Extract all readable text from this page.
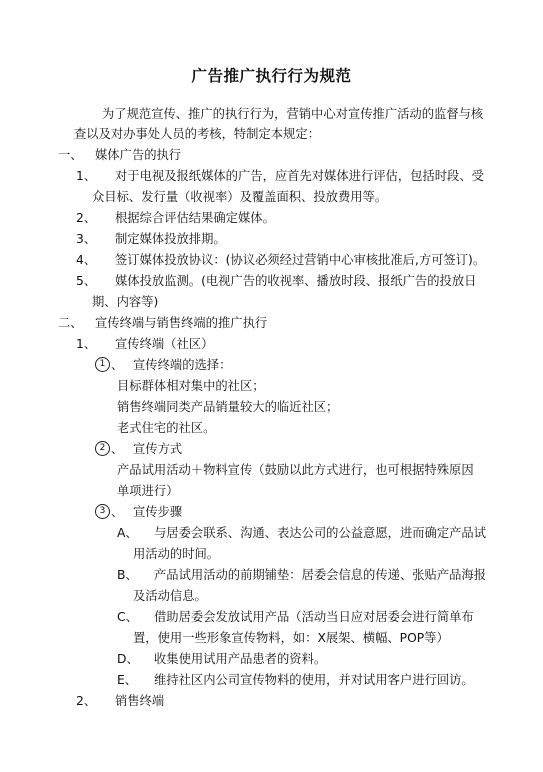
广告推广执行行为规范
为了规范宣传、推广的执行行为，营销中心对宣传推广活动的监督与核
查以及对办事处人员的考核，特制定本规定：
一、 媒体广告的执行
1、 对于电视及报纸媒体的广告，应首先对媒体进行评估，包括时段、受
众目标、发行量（收视率）及覆盖面积、投放费用等。
2、 根据综合评估结果确定媒体。
3、 制定媒体投放排期。
4、 签订媒体投放协议：(协议必须经过营销中心审核批准后,方可签订)。
5、 媒体投放监测。(电视广告的收视率、播放时段、报纸广告的投放日
期、内容等)
二、 宣传终端与销售终端的推广执行
1、 宣传终端（社区）
1 、 宣传终端的选择：
目标群体相对集中的社区；
销售终端同类产品销量较大的临近社区；
老式住宅的社区。
2 、 宣传方式
产品试用活动＋物料宣传（鼓励以此方式进行，也可根据特殊原因
单项进行）
3 、 宣传步骤
A、 与居委会联系、沟通、表达公司的公益意愿，进而确定产品试
用活动的时间。
B、 产品试用活动的前期铺垫：居委会信息的传递、张贴产品海报
及活动信息。
C、 借助居委会发放试用产品（活动当日应对居委会进行简单布
置，使用一些形象宣传物料，如：X展架、横幅、POP等）
D、 收集使用试用产品患者的资料。
E、 维持社区内公司宣传物料的使用，并对试用客户进行回访。
2、 销售终端
